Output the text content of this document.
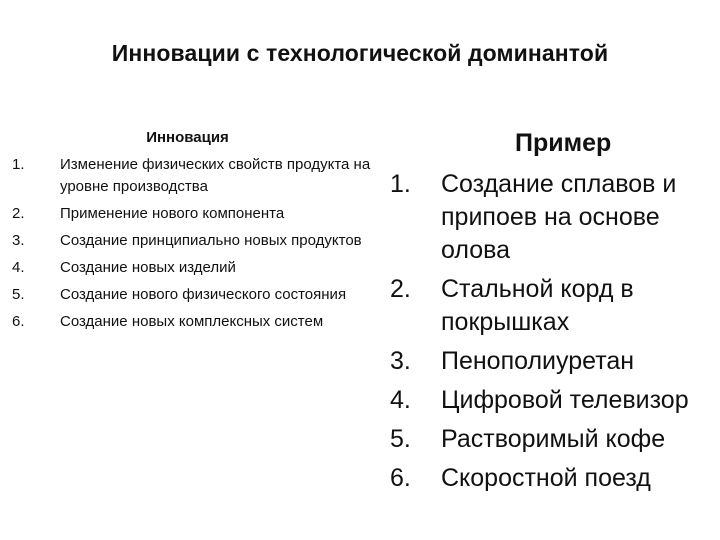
Инновации с технологической доминантой
Инновация
1. Изменение физических свойств продукта на уровне производства
2. Применение нового компонента
3. Создание принципиально новых продуктов
4. Создание новых изделий
5. Создание нового физического состояния
6. Создание новых комплексных систем
Пример
1. Создание сплавов и припоев на основе олова
2. Стальной корд в покрышках
3. Пенополиуретан
4. Цифровой телевизор
5. Растворимый кофе
6. Скоростной поезд
